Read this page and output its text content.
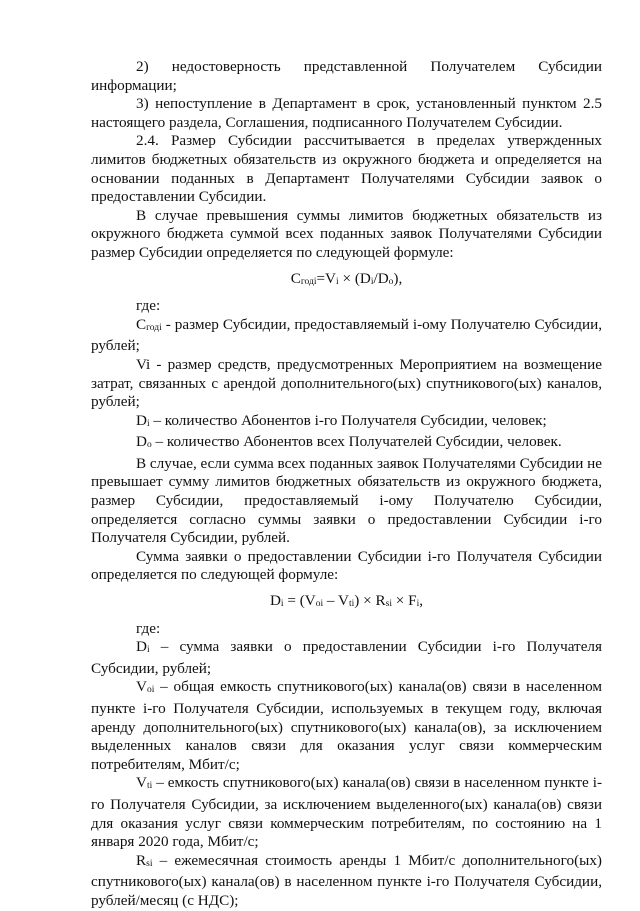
2) недостоверность представленной Получателем Субсидии информации;

3) непоступление в Департамент в срок, установленный пунктом 2.5 настоящего раздела, Соглашения, подписанного Получателем Субсидии.

2.4. Размер Субсидии рассчитывается в пределах утвержденных лимитов бюджетных обязательств из окружного бюджета и определяется на основании поданных в Департамент Получателями Субсидии заявок о предоставлении Субсидии.

В случае превышения суммы лимитов бюджетных обязательств из окружного бюджета суммой всех поданных заявок Получателями Субсидии размер Субсидии определяется по следующей формуле:

Сгодi=Vi × (Di/Dо),

где:

Сгодi - размер Субсидии, предоставляемый i-ому Получателю Субсидии, рублей;

Vi - размер средств, предусмотренных Мероприятием на возмещение затрат, связанных с арендой дополнительного(ых) спутникового(ых) каналов, рублей;

Di – количество Абонентов i-го Получателя Субсидии, человек;

Dо – количество Абонентов всех Получателей Субсидии, человек.

В случае, если сумма всех поданных заявок Получателями Субсидии не превышает сумму лимитов бюджетных обязательств из окружного бюджета, размер Субсидии, предоставляемый i-ому Получателю Субсидии, определяется согласно суммы заявки о предоставлении Субсидии i-го Получателя Субсидии, рублей.

Сумма заявки о предоставлении Субсидии i-го Получателя Субсидии определяется по следующей формуле:

Di = (Vоi – Vti) × Rsi × Fi,

где:

Di – сумма заявки о предоставлении Субсидии i-го Получателя Субсидии, рублей;

Vоi – общая емкость спутникового(ых) канала(ов) связи в населенном пункте i-го Получателя Субсидии, используемых в текущем году, включая аренду дополнительного(ых) спутникового(ых) канала(ов), за исключением выделенных каналов связи для оказания услуг связи коммерческим потребителям, Мбит/с;

Vti – емкость спутникового(ых) канала(ов) связи в населенном пункте i-го Получателя Субсидии, за исключением выделенного(ых) канала(ов) связи для оказания услуг связи коммерческим потребителям, по состоянию на 1 января 2020 года, Мбит/с;

Rsi – ежемесячная стоимость аренды 1 Мбит/с дополнительного(ых) спутникового(ых) канала(ов) в населенном пункте i-го Получателя Субсидии, рублей/месяц (с НДС);
